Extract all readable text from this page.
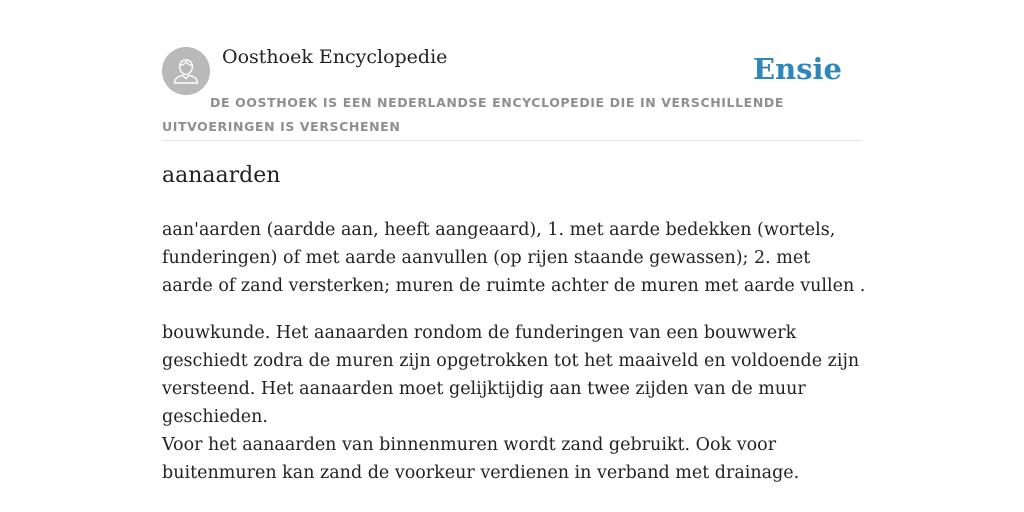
Oosthoek Encyclopedie	Ensie

DE OOSTHOEK IS EEN NEDERLANDSE ENCYCLOPEDIE DIE IN VERSCHILLENDE UITVOERINGEN IS VERSCHENEN

aanaarden

aan'aarden (aardde aan, heeft aangeaard), 1. met aarde bedekken (wortels, funderingen) of met aarde aanvullen (op rijen staande gewassen); 2. met aarde of zand versterken; muren de ruimte achter de muren met aarde vullen .

bouwkunde. Het aanaarden rondom de funderingen van een bouwwerk geschiedt zodra de muren zijn opgetrokken tot het maaiveld en voldoende zijn versteend. Het aanaarden moet gelijktijdig aan twee zijden van de muur geschieden.

Voor het aanaarden van binnenmuren wordt zand gebruikt. Ook voor buitenmuren kan zand de voorkeur verdienen in verband met drainage.
